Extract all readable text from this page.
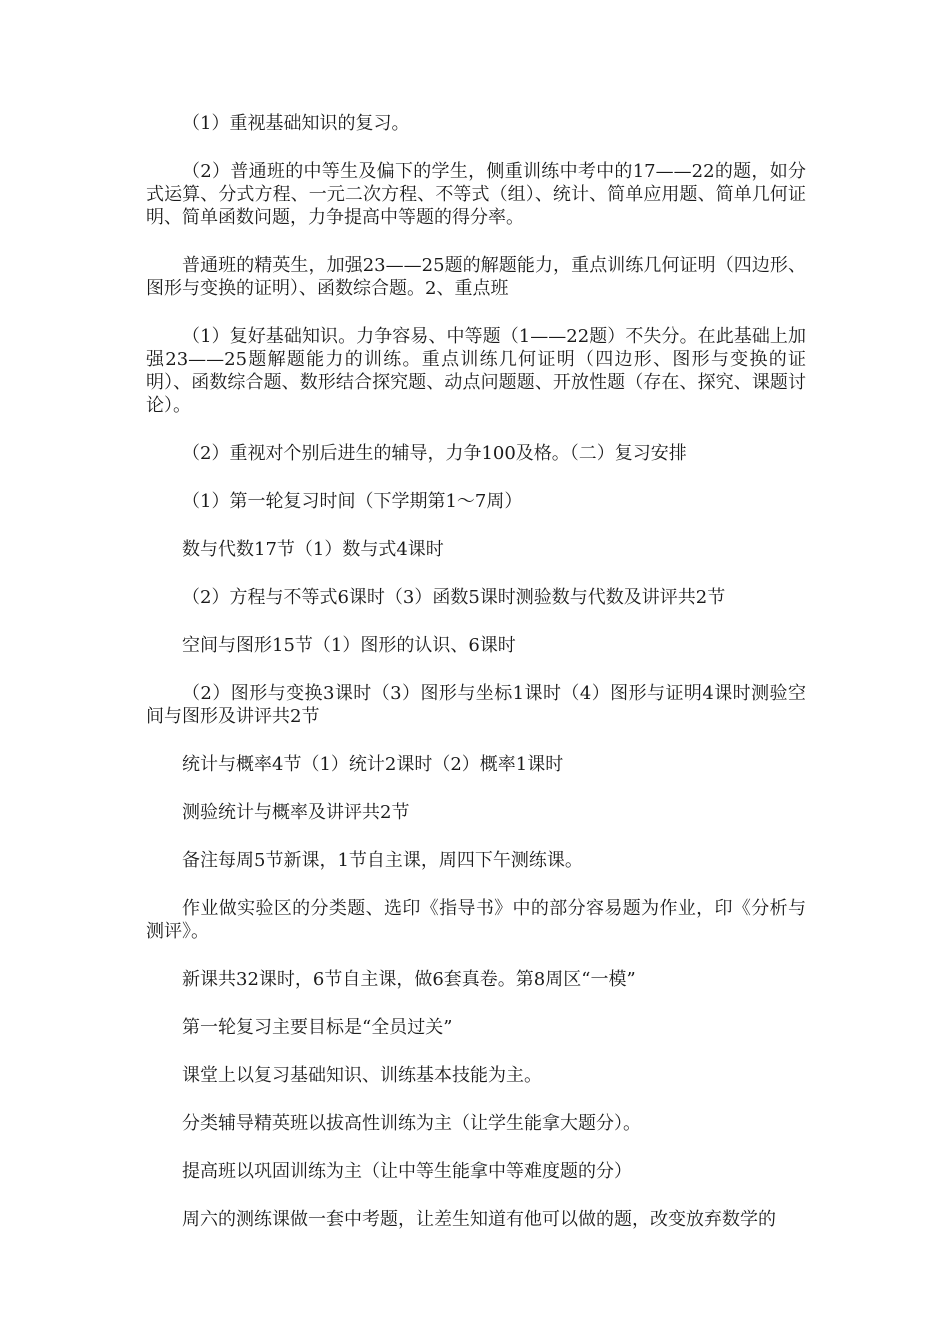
（1）重视基础知识的复习。

（2）普通班的中等生及偏下的学生，侧重训练中考中的17——22的题，如分式运算、分式方程、一元二次方程、不等式（组）、统计、简单应用题、简单几何证明、简单函数问题，力争提高中等题的得分率。

普通班的精英生，加强23——25题的解题能力，重点训练几何证明（四边形、图形与变换的证明）、函数综合题。2、重点班

（1）复好基础知识。力争容易、中等题（1——22题）不失分。在此基础上加强23——25题解题能力的训练。重点训练几何证明（四边形、图形与变换的证明）、函数综合题、数形结合探究题、动点问题题、开放性题（存在、探究、课题讨论）。

（2）重视对个别后进生的辅导，力争100及格。（二）复习安排

（1）第一轮复习时间（下学期第1～7周）

数与代数17节（1）数与式4课时

（2）方程与不等式6课时（3）函数5课时测验数与代数及讲评共2节

空间与图形15节（1）图形的认识、6课时

（2）图形与变换3课时（3）图形与坐标1课时（4）图形与证明4课时测验空间与图形及讲评共2节

统计与概率4节（1）统计2课时（2）概率1课时

测验统计与概率及讲评共2节

备注每周5节新课，1节自主课，周四下午测练课。

作业做实验区的分类题、选印《指导书》中的部分容易题为作业，印《分析与测评》。

新课共32课时，6节自主课，做6套真卷。第8周区“一模”

第一轮复习主要目标是“全员过关”

课堂上以复习基础知识、训练基本技能为主。

分类辅导精英班以拔高性训练为主（让学生能拿大题分）。

提高班以巩固训练为主（让中等生能拿中等难度题的分）

周六的测练课做一套中考题，让差生知道有他可以做的题，改变放弃数学的
